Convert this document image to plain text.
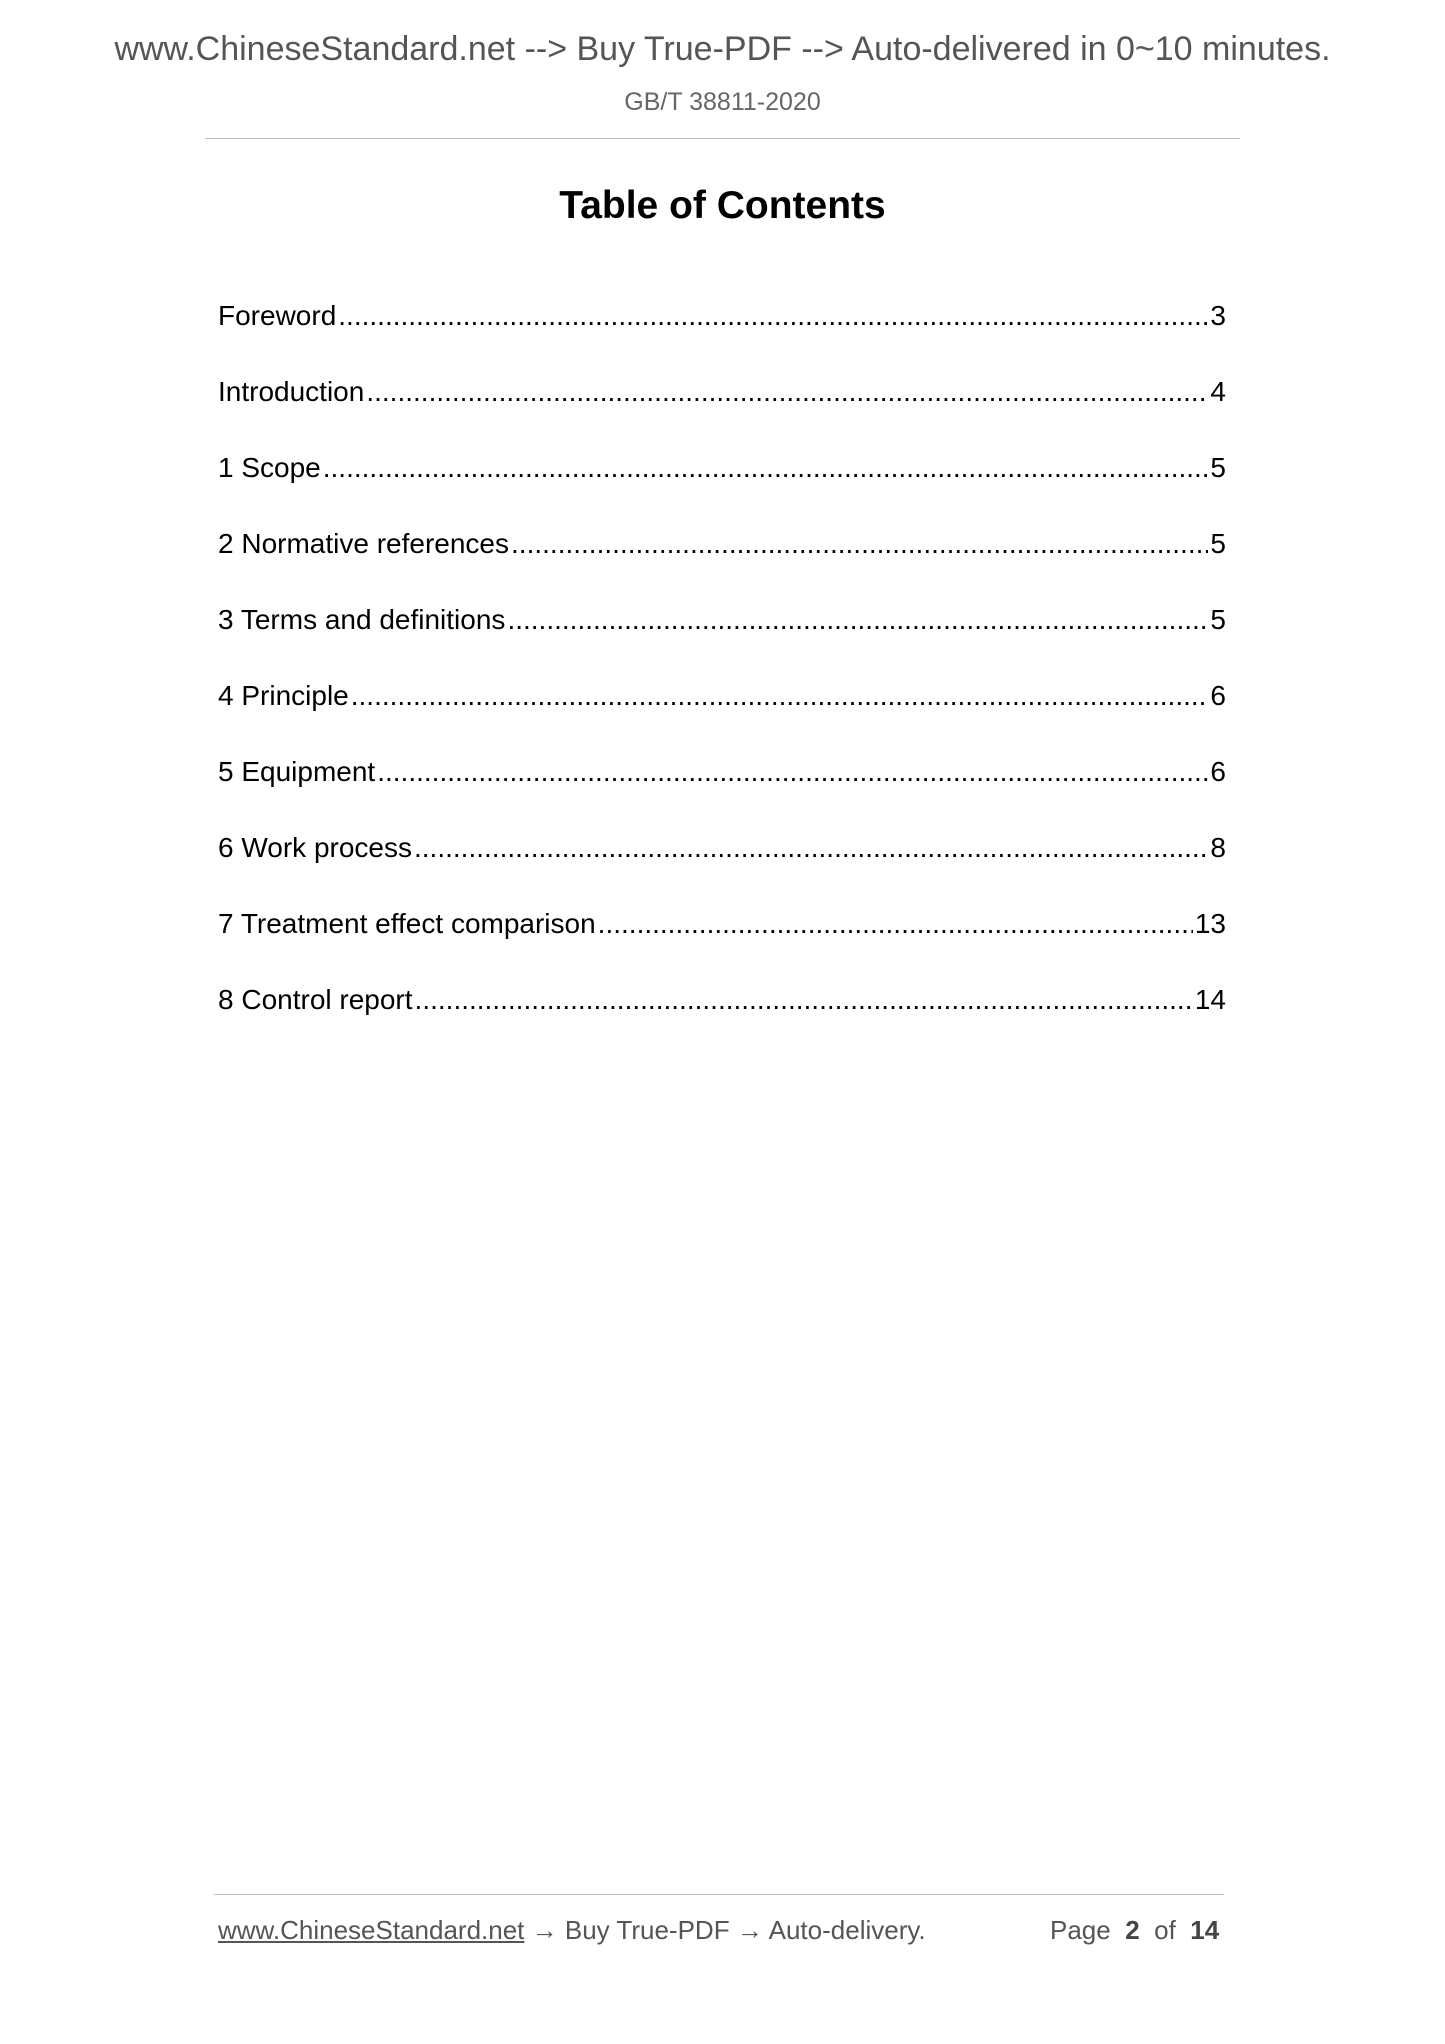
www.ChineseStandard.net --> Buy True-PDF --> Auto-delivered in 0~10 minutes.
GB/T 38811-2020
Table of Contents
Foreword .....	3
Introduction .....	4
1 Scope .....	5
2 Normative references .....	5
3 Terms and definitions .....	5
4 Principle .....	6
5 Equipment .....	6
6 Work process .....	8
7 Treatment effect comparison .....	13
8 Control report .....	14
www.ChineseStandard.net → Buy True-PDF → Auto-delivery.	Page 2 of 14
